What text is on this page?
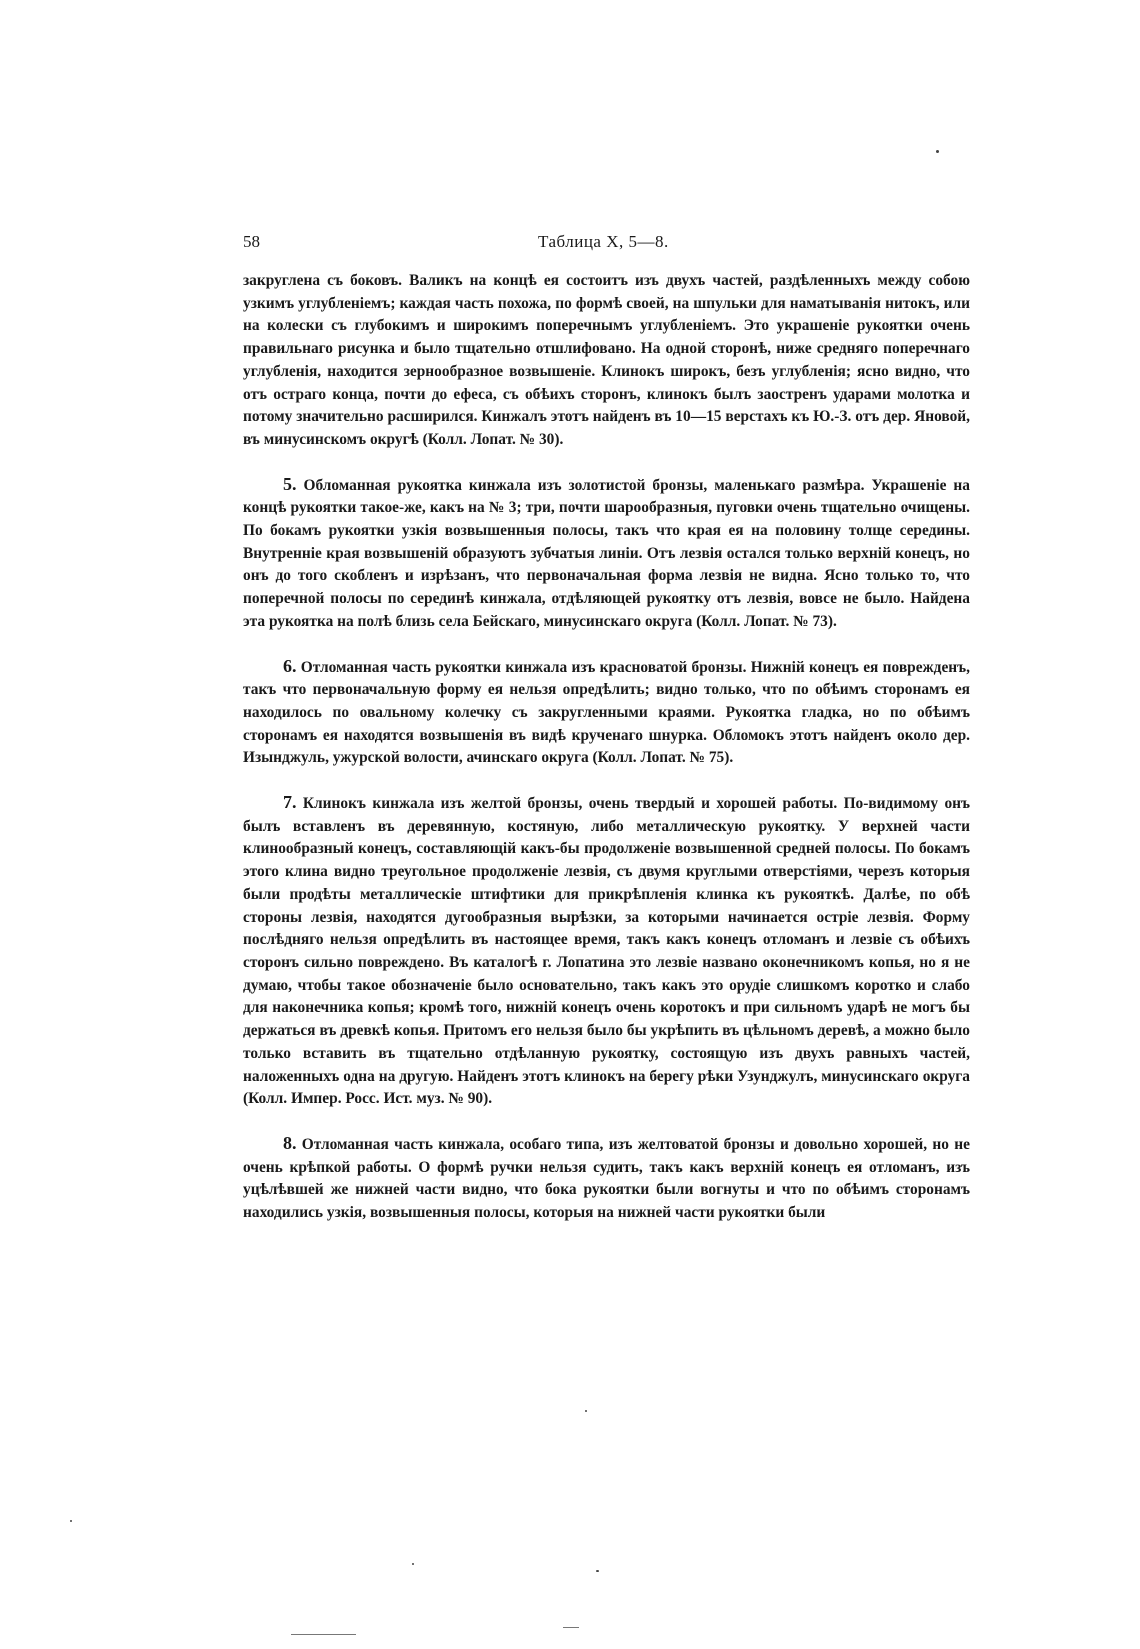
58	Таблица X, 5—8.

закруглена съ боковъ. Валикъ на концѣ ея состоитъ изъ двухъ частей, раздѣленныхъ между собою узкимъ углубленіемъ; каждая часть похожа, по формѣ своей, на шпульки для наматыванія нитокъ, или на колески съ глубокимъ и широкимъ поперечнымъ углубленіемъ. Это украшеніе рукоятки очень правильнаго рисунка и было тщательно отшлифовано. На одной сторонѣ, ниже средняго поперечнаго углубленія, находится зернообразное возвышеніе. Клинокъ широкъ, безъ углубленія; ясно видно, что отъ остраго конца, почти до ефеса, съ обѣихъ сторонъ, клинокъ былъ заостренъ ударами молотка и потому значительно расширился. Кинжалъ этотъ найденъ въ 10—15 верстахъ къ Ю.-З. отъ дер. Яновой, въ минусинскомъ округѣ (Колл. Лопат. № 30).

5. Обломанная рукоятка кинжала изъ золотистой бронзы, маленькаго размѣра. Украшеніе на концѣ рукоятки такое-же, какъ на № 3; три, почти шарообразныя, пуговки очень тщательно очищены. По бокамъ рукоятки узкія возвышенныя полосы, такъ что края ея на половину толще середины. Внутренніе края возвышеній образуютъ зубчатыя линіи. Отъ лезвія остался только верхній конецъ, но онъ до того скобленъ и изрѣзанъ, что первоначальная форма лезвія не видна. Ясно только то, что поперечной полосы по серединѣ кинжала, отдѣляющей рукоятку отъ лезвія, вовсе не было. Найдена эта рукоятка на полѣ близь села Бейскаго, минусинскаго округа (Колл. Лопат. № 73).

6. Отломанная часть рукоятки кинжала изъ красноватой бронзы. Нижній конецъ ея поврежденъ, такъ что первоначальную форму ея нельзя опредѣлить; видно только, что по обѣимъ сторонамъ ея находилось по овальному колечку съ закругленными краями. Рукоятка гладка, но по обѣимъ сторонамъ ея находятся возвышенія въ видѣ крученаго шнурка. Обломокъ этотъ найденъ около дер. Изынджуль, ужурской волости, ачинскаго округа (Колл. Лопат. № 75).

7. Клинокъ кинжала изъ желтой бронзы, очень твердый и хорошей работы. По-видимому онъ былъ вставленъ въ деревянную, костяную, либо металлическую рукоятку. У верхней части клинообразный конецъ, составляющій какъ-бы продолженіе возвышенной средней полосы. По бокамъ этого клина видно треугольное продолженіе лезвія, съ двумя круглыми отверстіями, черезъ которыя были продѣты металлическіе штифтики для прикрѣпленія клинка къ рукояткѣ. Далѣе, по обѣ стороны лезвія, находятся дугообразныя вырѣзки, за которыми начинается остріе лезвія. Форму послѣдняго нельзя опредѣлить въ настоящее время, такъ какъ конецъ отломанъ и лезвіе съ обѣихъ сторонъ сильно повреждено. Въ каталогѣ г. Лопатина это лезвіе названо оконечникомъ копья, но я не думаю, чтобы такое обозначеніе было основательно, такъ какъ это орудіе слишкомъ коротко и слабо для наконечника копья; кромѣ того, нижній конецъ очень коротокъ и при сильномъ ударѣ не могъ бы держаться въ древкѣ копья. Притомъ его нельзя было бы укрѣпить въ цѣльномъ деревѣ, а можно было только вставить въ тщательно отдѣланную рукоятку, состоящую изъ двухъ равныхъ частей, наложенныхъ одна на другую. Найденъ этотъ клинокъ на берегу рѣки Узунджулъ, минусинскаго округа (Колл. Импер. Росс. Ист. муз. № 90).

8. Отломанная часть кинжала, особаго типа, изъ желтоватой бронзы и довольно хорошей, но не очень крѣпкой работы. О формѣ ручки нельзя судить, такъ какъ верхній конецъ ея отломанъ, изъ уцѣлѣвшей же нижней части видно, что бока рукоятки были вогнуты и что по обѣимъ сторонамъ находились узкія, возвышенныя полосы, которыя на нижней части рукоятки были
